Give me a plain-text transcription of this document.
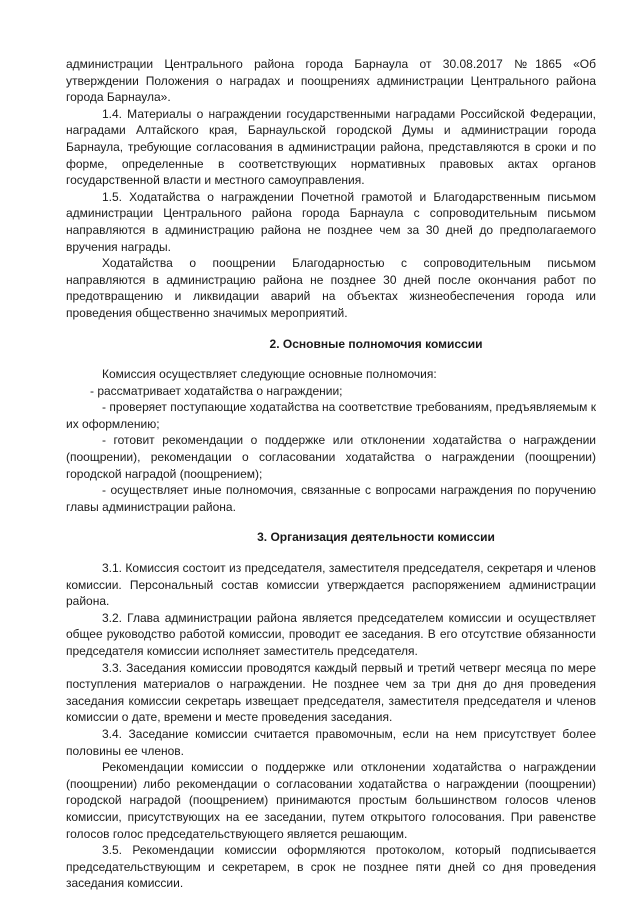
администрации Центрального района города Барнаула от 30.08.2017 №1865 «Об утверждении Положения о наградах и поощрениях администрации Центрального района города Барнаула».

1.4. Материалы о награждении государственными наградами Российской Федерации, наградами Алтайского края, Барнаульской городской Думы и администрации города Барнаула, требующие согласования в администрации района, представляются в сроки и по форме, определенные в соответствующих нормативных правовых актах органов государственной власти и местного самоуправления.

1.5. Ходатайства о награждении Почетной грамотой и Благодарственным письмом администрации Центрального района города Барнаула с сопроводительным письмом направляются в администрацию района не позднее чем за 30 дней до предполагаемого вручения награды.

Ходатайства о поощрении Благодарностью с сопроводительным письмом направляются в администрацию района не позднее 30 дней после окончания работ по предотвращению и ликвидации аварий на объектах жизнеобеспечения города или проведения общественно значимых мероприятий.

2. Основные полномочия комиссии

Комиссия осуществляет следующие основные полномочия:

- рассматривает ходатайства о награждении;

- проверяет поступающие ходатайства на соответствие требованиям, предъявляемым к их оформлению;

- готовит рекомендации о поддержке или отклонении ходатайства о награждении (поощрении), рекомендации о согласовании ходатайства о награждении (поощрении) городской наградой (поощрением);

- осуществляет иные полномочия, связанные с вопросами награждения по поручению главы администрации района.

3. Организация деятельности комиссии

3.1. Комиссия состоит из председателя, заместителя председателя, секретаря и членов комиссии. Персональный состав комиссии утверждается распоряжением администрации района.

3.2. Глава администрации района является председателем комиссии и осуществляет общее руководство работой комиссии, проводит ее заседания. В его отсутствие обязанности председателя комиссии исполняет заместитель председателя.

3.3. Заседания комиссии проводятся каждый первый и третий четверг месяца по мере поступления материалов о награждении. Не позднее чем за три дня до дня проведения заседания комиссии секретарь извещает председателя, заместителя председателя и членов комиссии о дате, времени и месте проведения заседания.

3.4. Заседание комиссии считается правомочным, если на нем присутствует более половины ее членов.

Рекомендации комиссии о поддержке или отклонении ходатайства о награждении (поощрении) либо рекомендации о согласовании ходатайства о награждении (поощрении) городской наградой (поощрением) принимаются простым большинством голосов членов комиссии, присутствующих на ее заседании, путем открытого голосования. При равенстве голосов голос председательствующего является решающим.

3.5. Рекомендации комиссии оформляются протоколом, который подписывается председательствующим и секретарем, в срок не позднее пяти дней со дня проведения заседания комиссии.
